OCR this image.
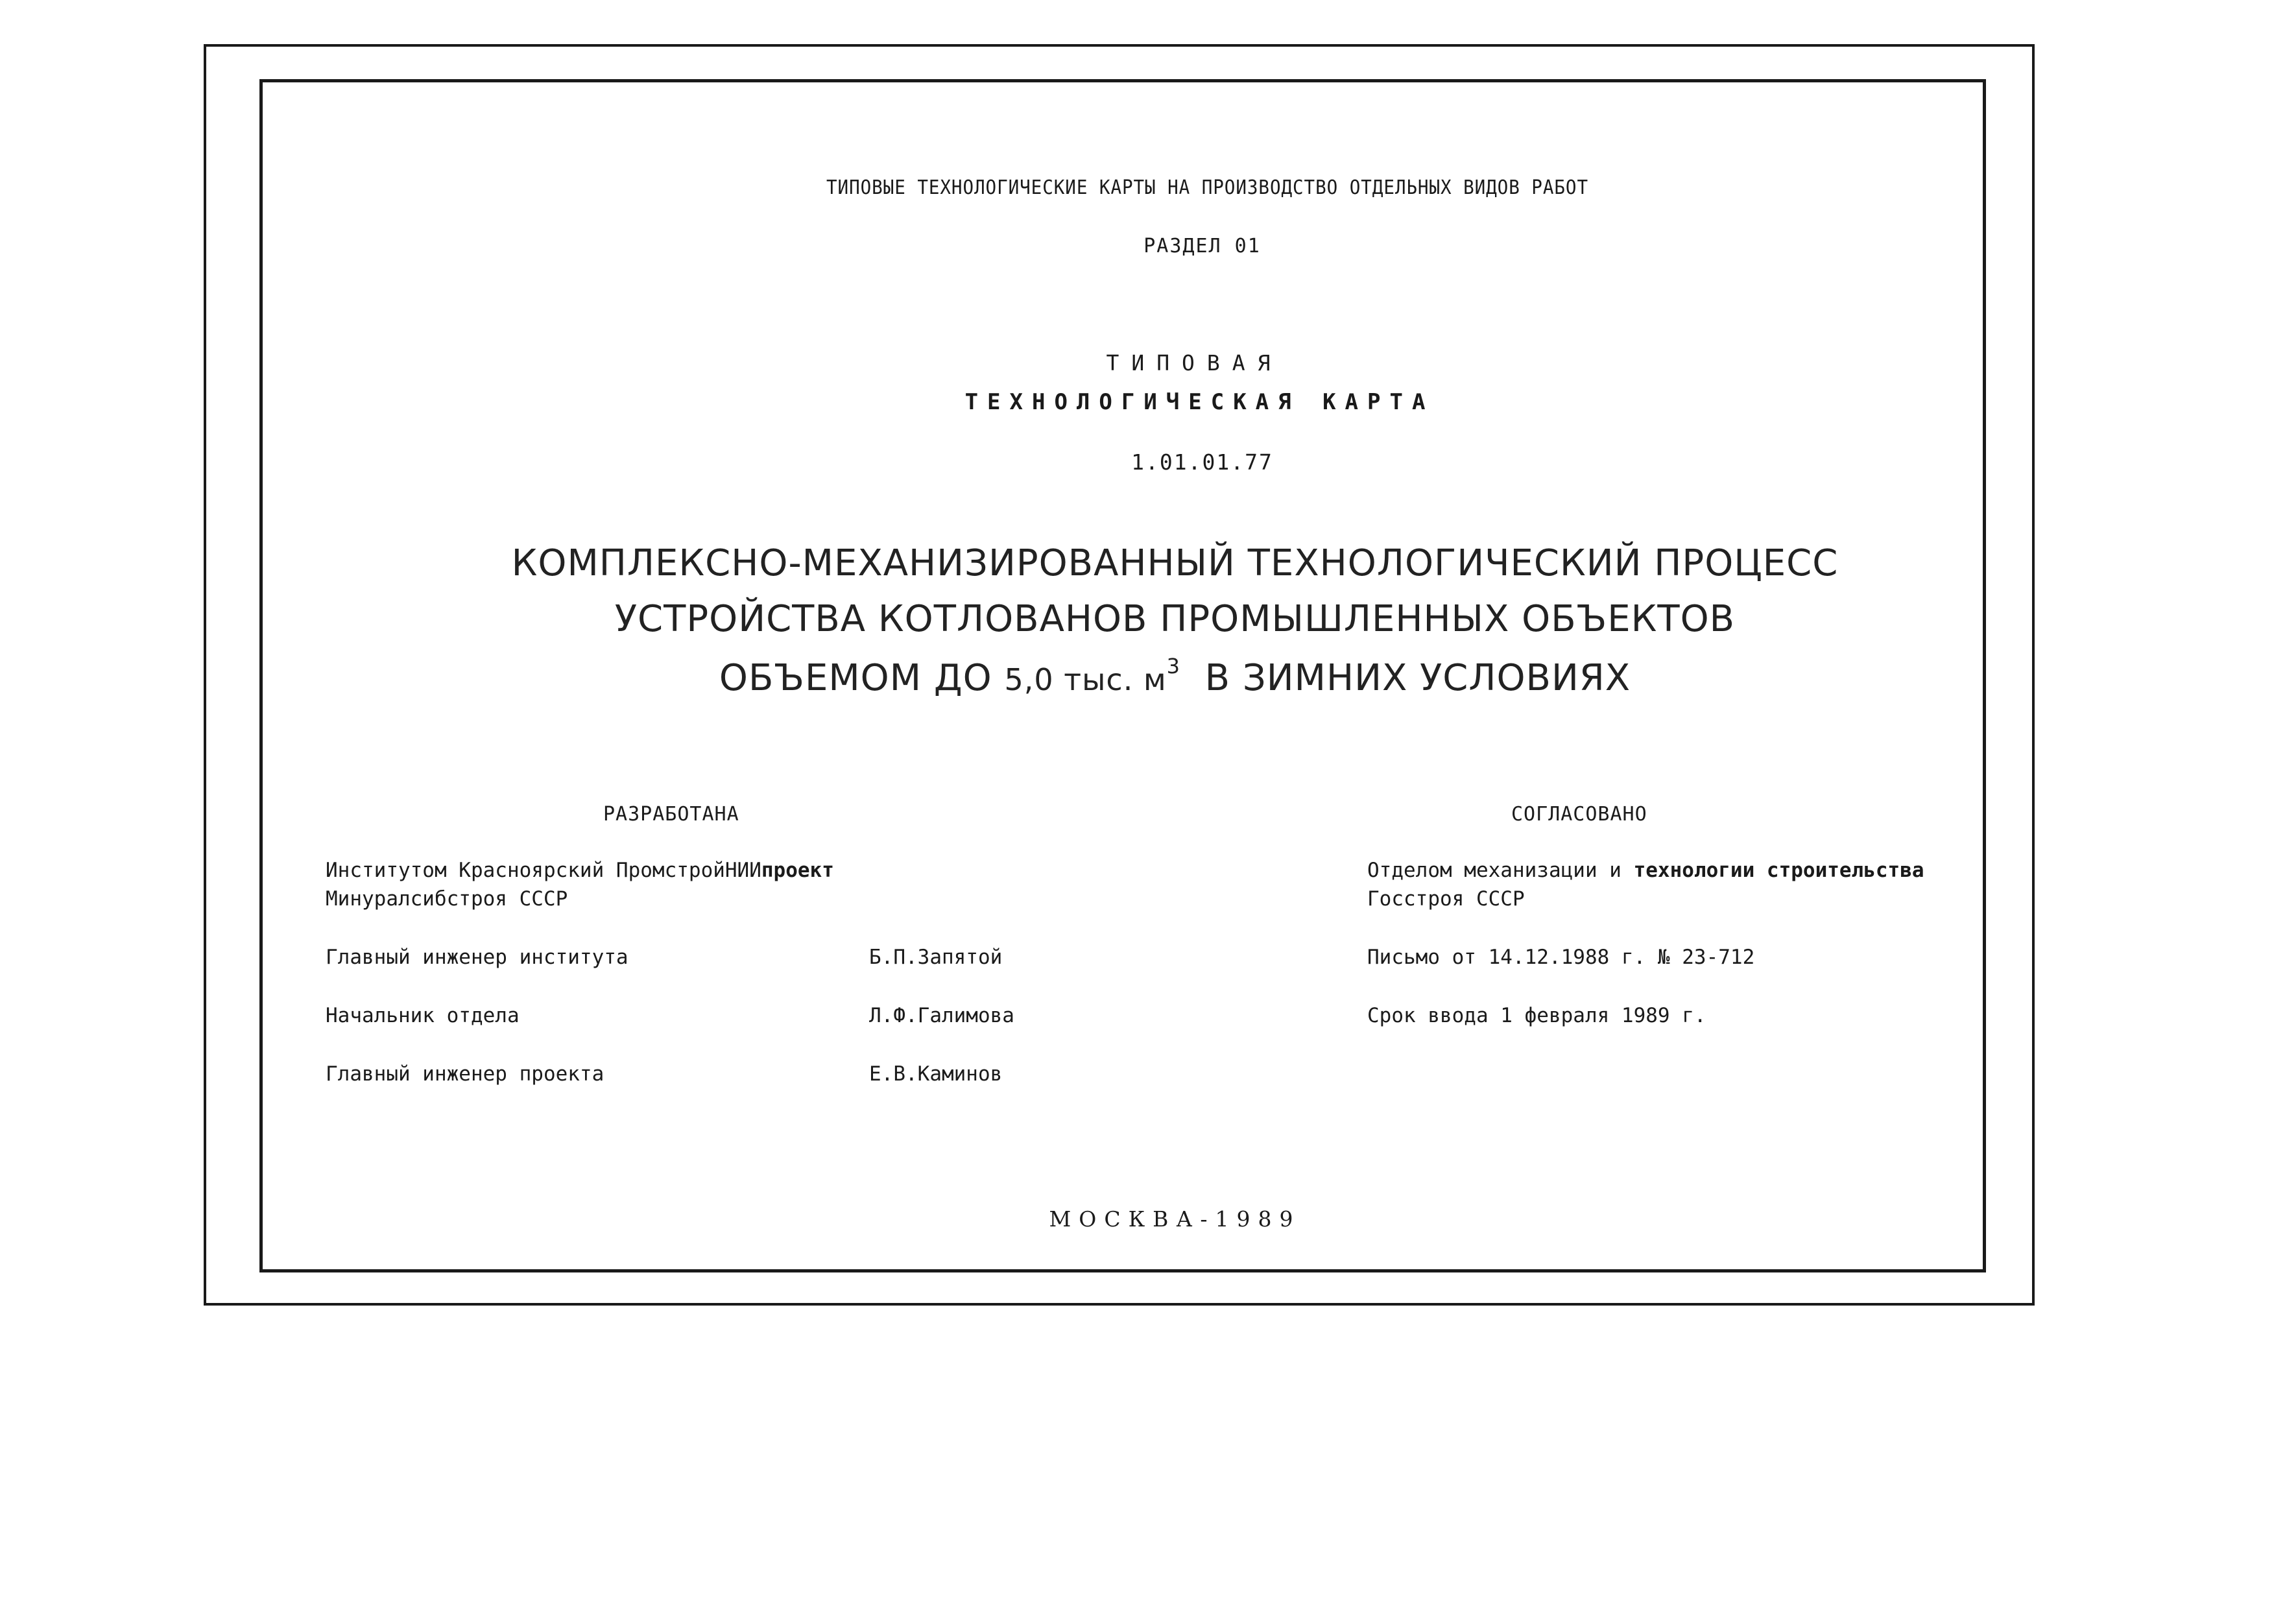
ТИПОВЫЕ ТЕХНОЛОГИЧЕСКИЕ КАРТЫ НА ПРОИЗВОДСТВО ОТДЕЛЬНЫХ ВИДОВ РАБОТ
РАЗДЕЛ 01
ТИПОВАЯ
ТЕХНОЛОГИЧЕСКАЯ КАРТА
1.01.01.77
КОМПЛЕКСНО-МЕХАНИЗИРОВАННЫЙ ТЕХНОЛОГИЧЕСКИЙ ПРОЦЕСС
УСТРОЙСТВА КОТЛОВАНОВ ПРОМЫШЛЕННЫХ ОБЪЕКТОВ
ОБЪЕМОМ ДО 5,0 тыс. $м^3$ В ЗИМНИХ УСЛОВИЯХ
РАЗРАБОТАНА	СОГЛАСОВАНО
Институтом Красноярский ПромстройНИИпроект
Минуралсибстроя СССР
Главный инженер института	Б.П.Запятой
Начальник отдела	Л.Ф.Галимова
Главный инженер проекта	Е.В.Каминов
Отделом механизации и технологии строительства
Госстроя СССР
Письмо от 14.12.1988 г. № 23-712
Срок ввода 1 февраля 1989 г.
МОСКВА-1989
